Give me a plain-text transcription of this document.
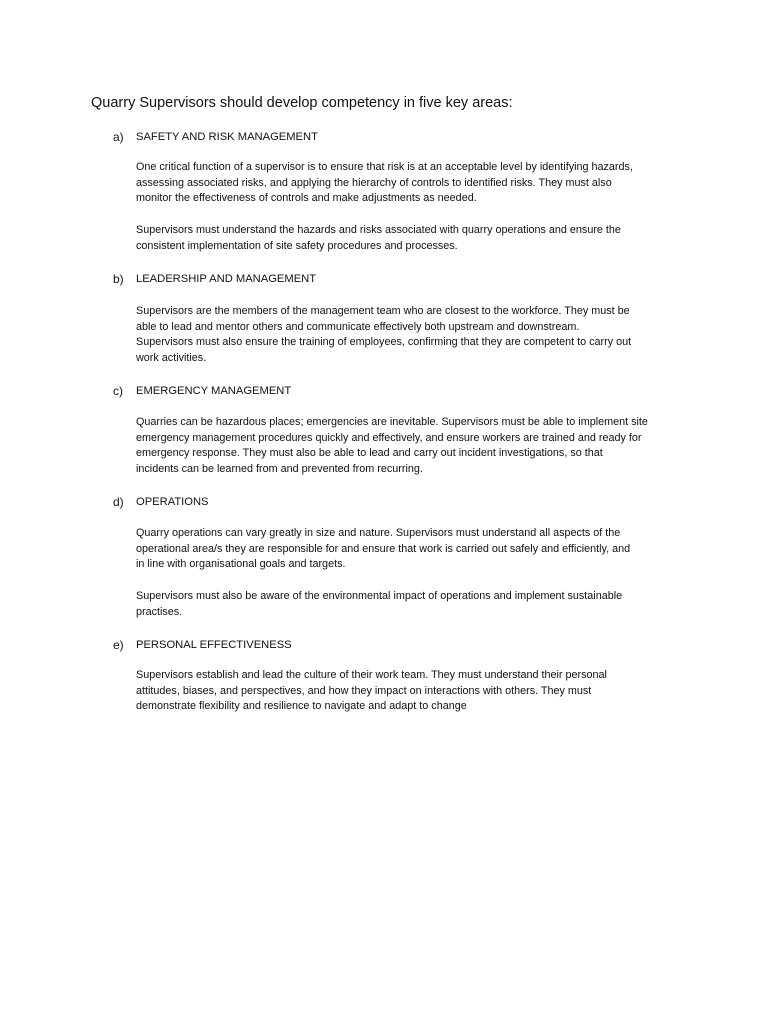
Quarry Supervisors should develop competency in five key areas:
a) SAFETY AND RISK MANAGEMENT

One critical function of a supervisor is to ensure that risk is at an acceptable level by identifying hazards,
assessing associated risks, and applying the hierarchy of controls to identified risks. They must also
monitor the effectiveness of controls and make adjustments as needed.

Supervisors must understand the hazards and risks associated with quarry operations and ensure the
consistent implementation of site safety procedures and processes.

b) LEADERSHIP AND MANAGEMENT

Supervisors are the members of the management team who are closest to the workforce. They must be
able to lead and mentor others and communicate effectively both upstream and downstream.
Supervisors must also ensure the training of employees, confirming that they are competent to carry out
work activities.

c) EMERGENCY MANAGEMENT

Quarries can be hazardous places; emergencies are inevitable. Supervisors must be able to implement site
emergency management procedures quickly and effectively, and ensure workers are trained and ready for
emergency response. They must also be able to lead and carry out incident investigations, so that
incidents can be learned from and prevented from recurring.

d) OPERATIONS

Quarry operations can vary greatly in size and nature. Supervisors must understand all aspects of the
operational area/s they are responsible for and ensure that work is carried out safely and efficiently, and
in line with organisational goals and targets.

Supervisors must also be aware of the environmental impact of operations and implement sustainable
practises.

e) PERSONAL EFFECTIVENESS

Supervisors establish and lead the culture of their work team. They must understand their personal
attitudes, biases, and perspectives, and how they impact on interactions with others. They must
demonstrate flexibility and resilience to navigate and adapt to change
